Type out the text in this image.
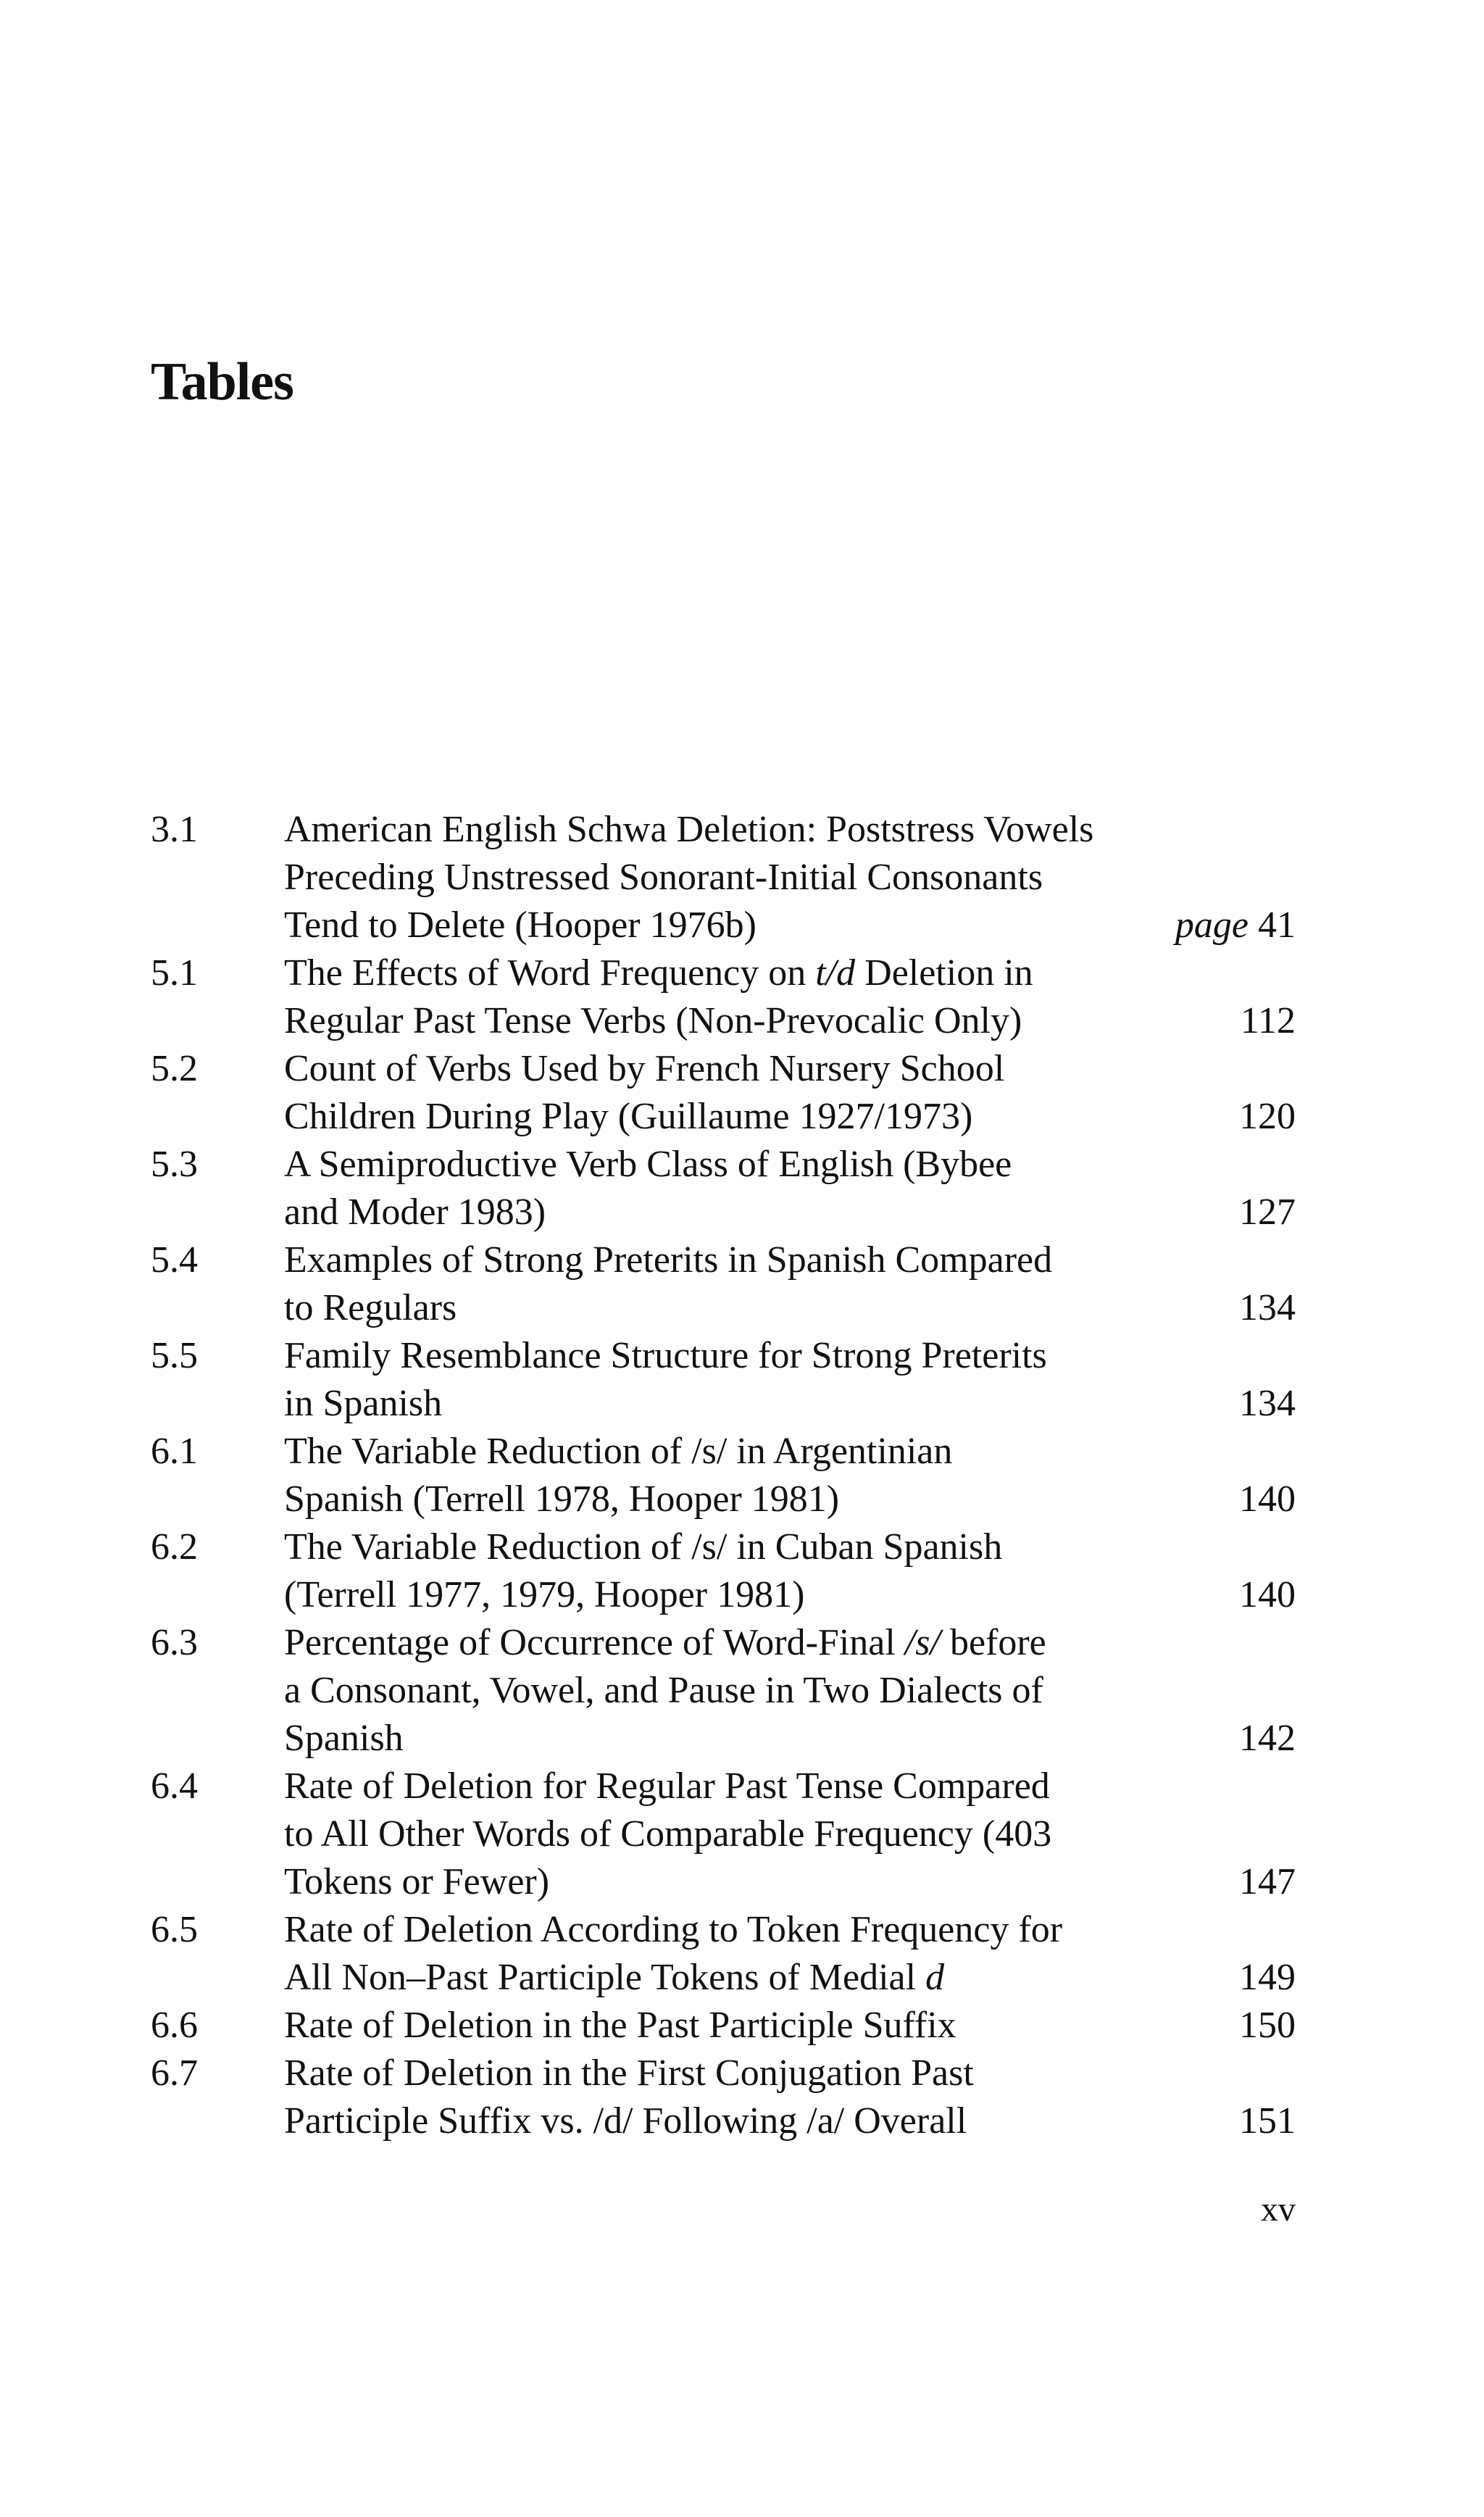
Tables
3.1 American English Schwa Deletion: Poststress Vowels
Preceding Unstressed Sonorant-Initial Consonants
Tend to Delete (Hooper 1976b)	page 41
5.1 The Effects of Word Frequency on t/d Deletion in
Regular Past Tense Verbs (Non-Prevocalic Only)	112
5.2 Count of Verbs Used by French Nursery School
Children During Play (Guillaume 1927/1973)	120
5.3 A Semiproductive Verb Class of English (Bybee
and Moder 1983)	127
5.4 Examples of Strong Preterits in Spanish Compared
to Regulars	134
5.5 Family Resemblance Structure for Strong Preterits
in Spanish	134
6.1 The Variable Reduction of /s/ in Argentinian
Spanish (Terrell 1978, Hooper 1981)	140
6.2 The Variable Reduction of /s/ in Cuban Spanish
(Terrell 1977, 1979, Hooper 1981)	140
6.3 Percentage of Occurrence of Word-Final /s/ before
a Consonant, Vowel, and Pause in Two Dialects of
Spanish	142
6.4 Rate of Deletion for Regular Past Tense Compared
to All Other Words of Comparable Frequency (403
Tokens or Fewer)	147
6.5 Rate of Deletion According to Token Frequency for
All Non–Past Participle Tokens of Medial d	149
6.6 Rate of Deletion in the Past Participle Suffix	150
6.7 Rate of Deletion in the First Conjugation Past
Participle Suffix vs. /d/ Following /a/ Overall	151
xv
